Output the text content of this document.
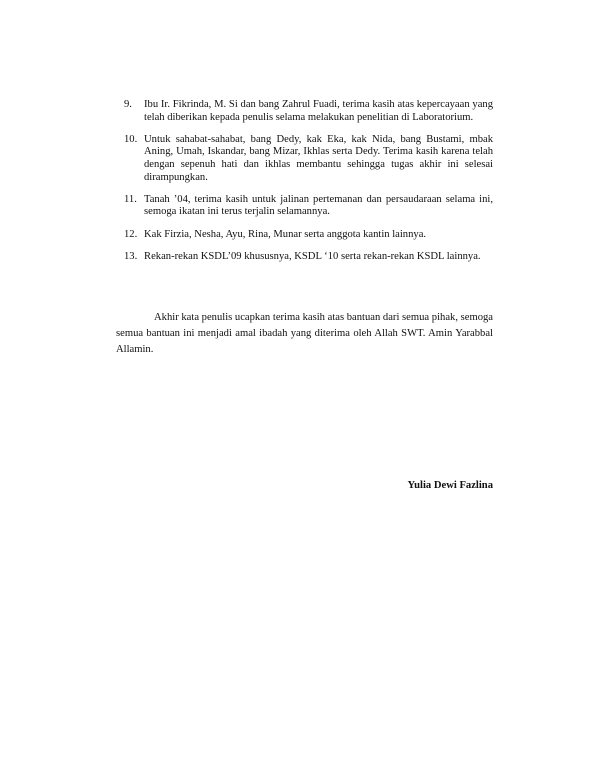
9.	Ibu Ir. Fikrinda, M. Si dan bang Zahrul Fuadi, terima kasih atas kepercayaan yang telah diberikan kepada penulis selama melakukan penelitian di Laboratorium.
10. Untuk sahabat-sahabat, bang Dedy, kak Eka, kak Nida, bang Bustami, mbak Aning, Umah, Iskandar, bang Mizar, Ikhlas serta Dedy. Terima kasih karena telah dengan sepenuh hati dan ikhlas membantu sehingga tugas akhir ini selesai dirampungkan.
11. Tanah ’04, terima kasih untuk jalinan pertemanan dan persaudaraan selama ini, semoga ikatan ini terus terjalin selamannya.
12. Kak Firzia, Nesha, Ayu, Rina, Munar serta anggota kantin lainnya.
13. Rekan-rekan KSDL’09 khususnya, KSDL ‘10 serta rekan-rekan KSDL lainnya.

Akhir kata penulis ucapkan terima kasih atas bantuan dari semua pihak, semoga semua bantuan ini menjadi amal ibadah yang diterima oleh Allah SWT. Amin Yarabbal Allamin.

Yulia Dewi Fazlina
